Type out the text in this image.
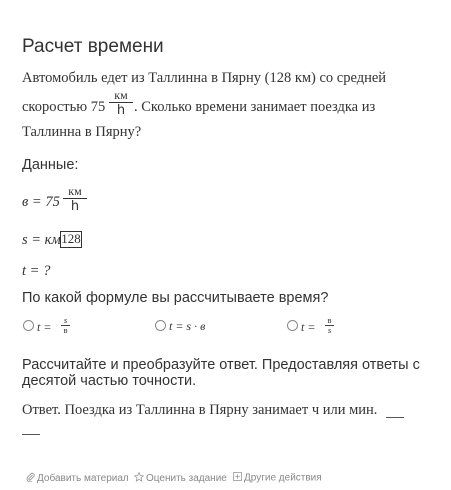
Расчет времени
Автомобиль едет из Таллинна в Пярну (128 км) со средней
скоростью 75
км
h . Сколько времени занимает поездка из
Таллинна в Пярну?
Данные:
в = 75
км
h
s = км 128
t = ?
По какой формуле вы рассчитываете время?
t =	s
в	t = s · в	t = в
s
Рассчитайте и преобразуйте ответ. Предоставляя ответы с
десятой частью точности.
Ответ. Поездка из Таллинна в Пярну занимает ч или мин.
Добавить материал	Оценить задание	Другие действия
